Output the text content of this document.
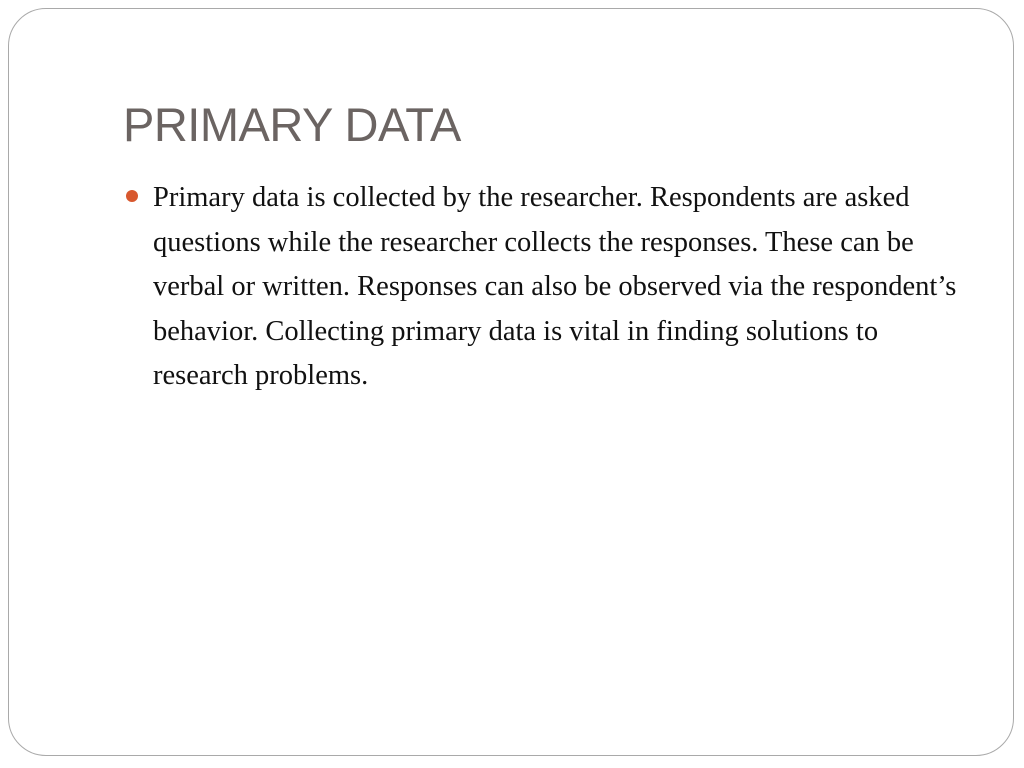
PRIMARY DATA
Primary data is collected by the researcher. Respondents are asked questions while the researcher collects the responses. These can be verbal or written. Responses can also be observed via the respondent’s behavior. Collecting primary data is vital in finding solutions to research problems.
